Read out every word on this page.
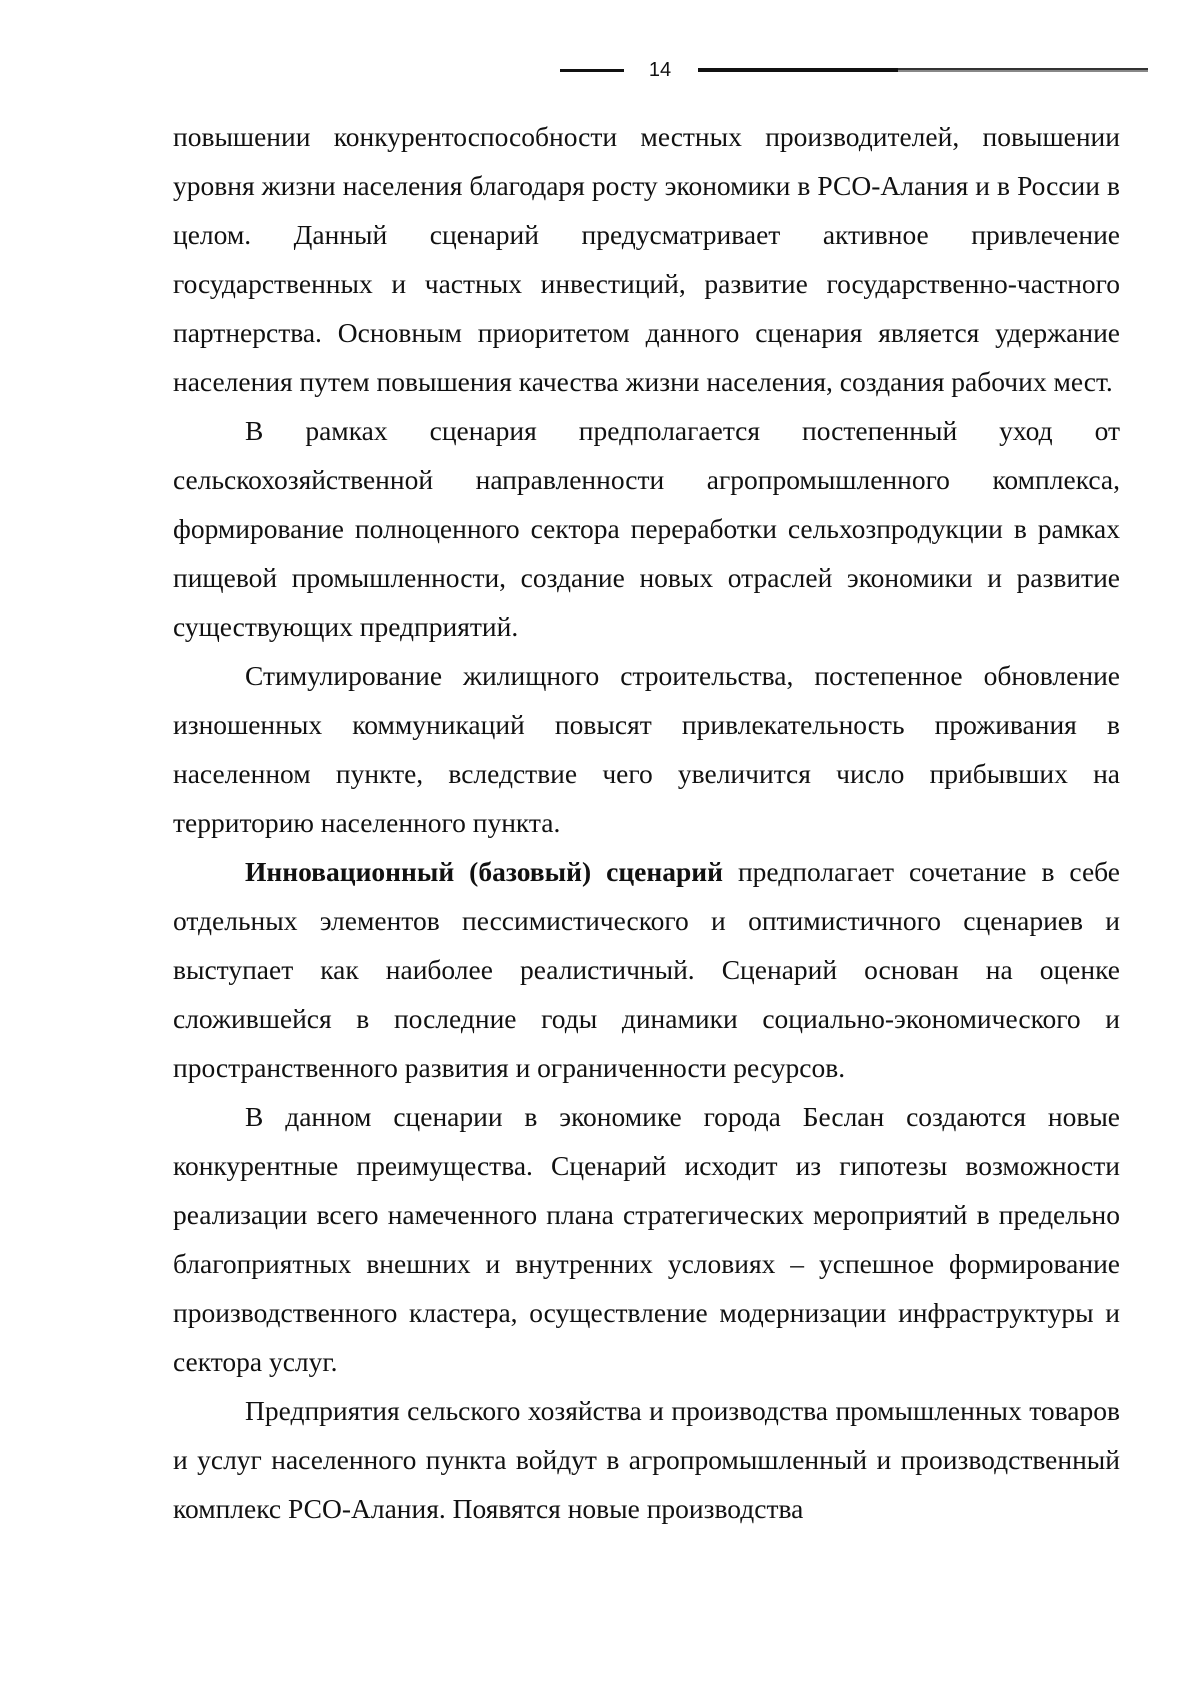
14

повышении конкурентоспособности местных производителей, повышении уровня жизни населения благодаря росту экономики в РСО-Алания и в России в целом. Данный сценарий предусматривает активное привлечение государственных и частных инвестиций, развитие государственно-частного партнерства. Основным приоритетом данного сценария является удержание населения путем повышения качества жизни населения, создания рабочих мест.

В рамках сценария предполагается постепенный уход от сельскохозяйственной направленности агропромышленного комплекса, формирование полноценного сектора переработки сельхозпродукции в рамках пищевой промышленности, создание новых отраслей экономики и развитие существующих предприятий.

Стимулирование жилищного строительства, постепенное обновление изношенных коммуникаций повысят привлекательность проживания в населенном пункте, вследствие чего увеличится число прибывших на территорию населенного пункта.

Инновационный (базовый) сценарий предполагает сочетание в себе отдельных элементов пессимистического и оптимистичного сценариев и выступает как наиболее реалистичный. Сценарий основан на оценке сложившейся в последние годы динамики социально-экономического и пространственного развития и ограниченности ресурсов.

В данном сценарии в экономике города Беслан создаются новые конкурентные преимущества. Сценарий исходит из гипотезы возможности реализации всего намеченного плана стратегических мероприятий в предельно благоприятных внешних и внутренних условиях – успешное формирование производственного кластера, осуществление модернизации инфраструктуры и сектора услуг.

Предприятия сельского хозяйства и производства промышленных товаров и услуг населенного пункта войдут в агропромышленный и производственный комплекс РСО-Алания. Появятся новые производства
